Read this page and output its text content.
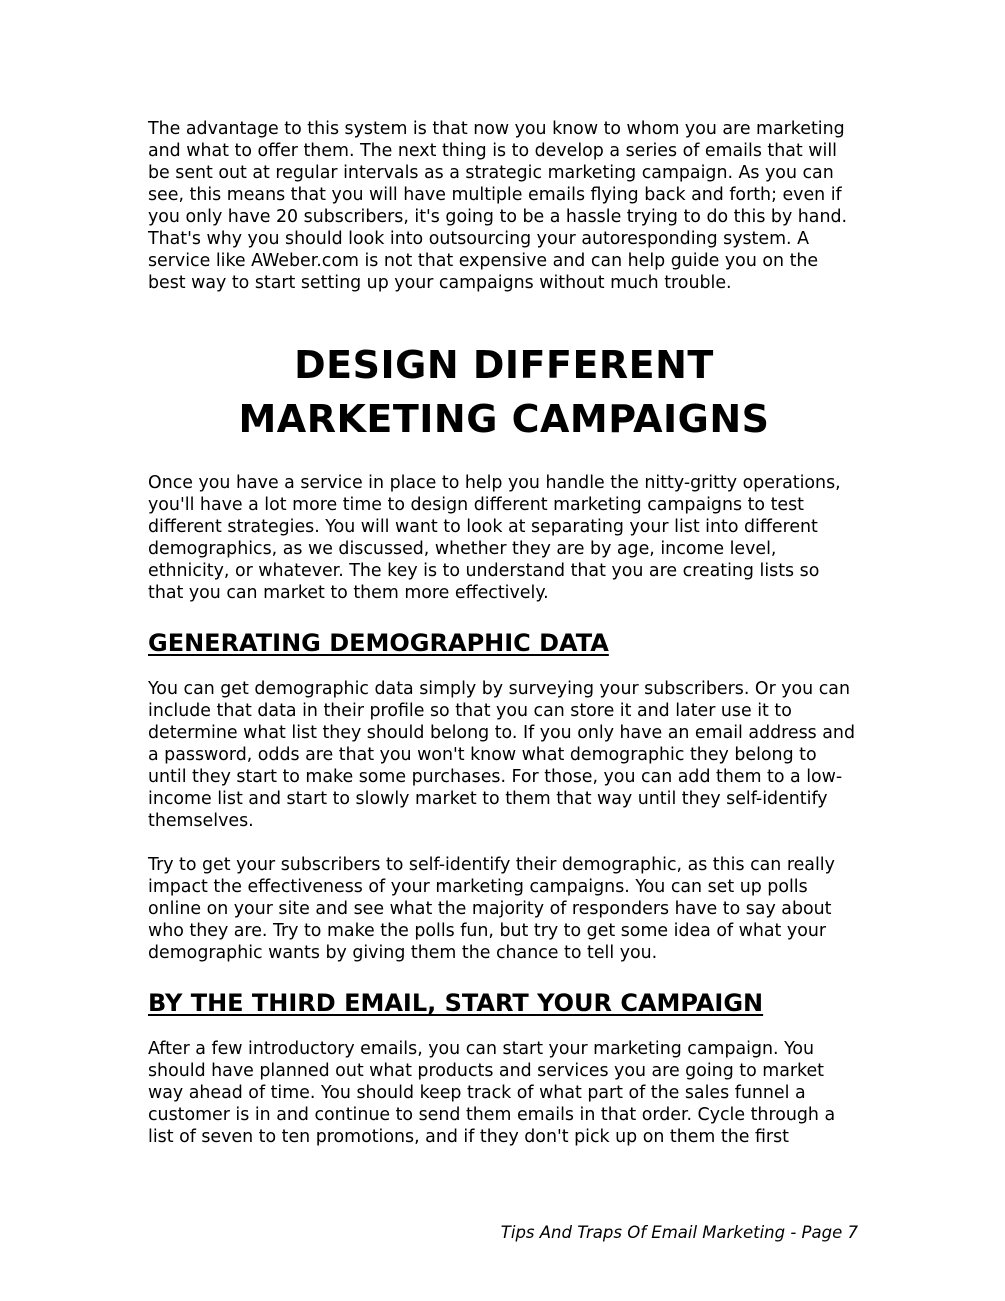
The advantage to this system is that now you know to whom you are marketing and what to offer them. The next thing is to develop a series of emails that will be sent out at regular intervals as a strategic marketing campaign. As you can see, this means that you will have multiple emails flying back and forth; even if you only have 20 subscribers, it's going to be a hassle trying to do this by hand. That's why you should look into outsourcing your autoresponding system. A service like AWeber.com is not that expensive and can help guide you on the best way to start setting up your campaigns without much trouble.

DESIGN DIFFERENT
MARKETING CAMPAIGNS

Once you have a service in place to help you handle the nitty-gritty operations, you'll have a lot more time to design different marketing campaigns to test different strategies. You will want to look at separating your list into different demographics, as we discussed, whether they are by age, income level, ethnicity, or whatever. The key is to understand that you are creating lists so that you can market to them more effectively.

GENERATING DEMOGRAPHIC DATA

You can get demographic data simply by surveying your subscribers. Or you can include that data in their profile so that you can store it and later use it to determine what list they should belong to. If you only have an email address and a password, odds are that you won't know what demographic they belong to until they start to make some purchases. For those, you can add them to a low-income list and start to slowly market to them that way until they self-identify themselves.

Try to get your subscribers to self-identify their demographic, as this can really impact the effectiveness of your marketing campaigns. You can set up polls online on your site and see what the majority of responders have to say about who they are. Try to make the polls fun, but try to get some idea of what your demographic wants by giving them the chance to tell you.

BY THE THIRD EMAIL, START YOUR CAMPAIGN

After a few introductory emails, you can start your marketing campaign. You should have planned out what products and services you are going to market way ahead of time. You should keep track of what part of the sales funnel a customer is in and continue to send them emails in that order. Cycle through a list of seven to ten promotions, and if they don't pick up on them the first

Tips And Traps Of Email Marketing - Page 7
